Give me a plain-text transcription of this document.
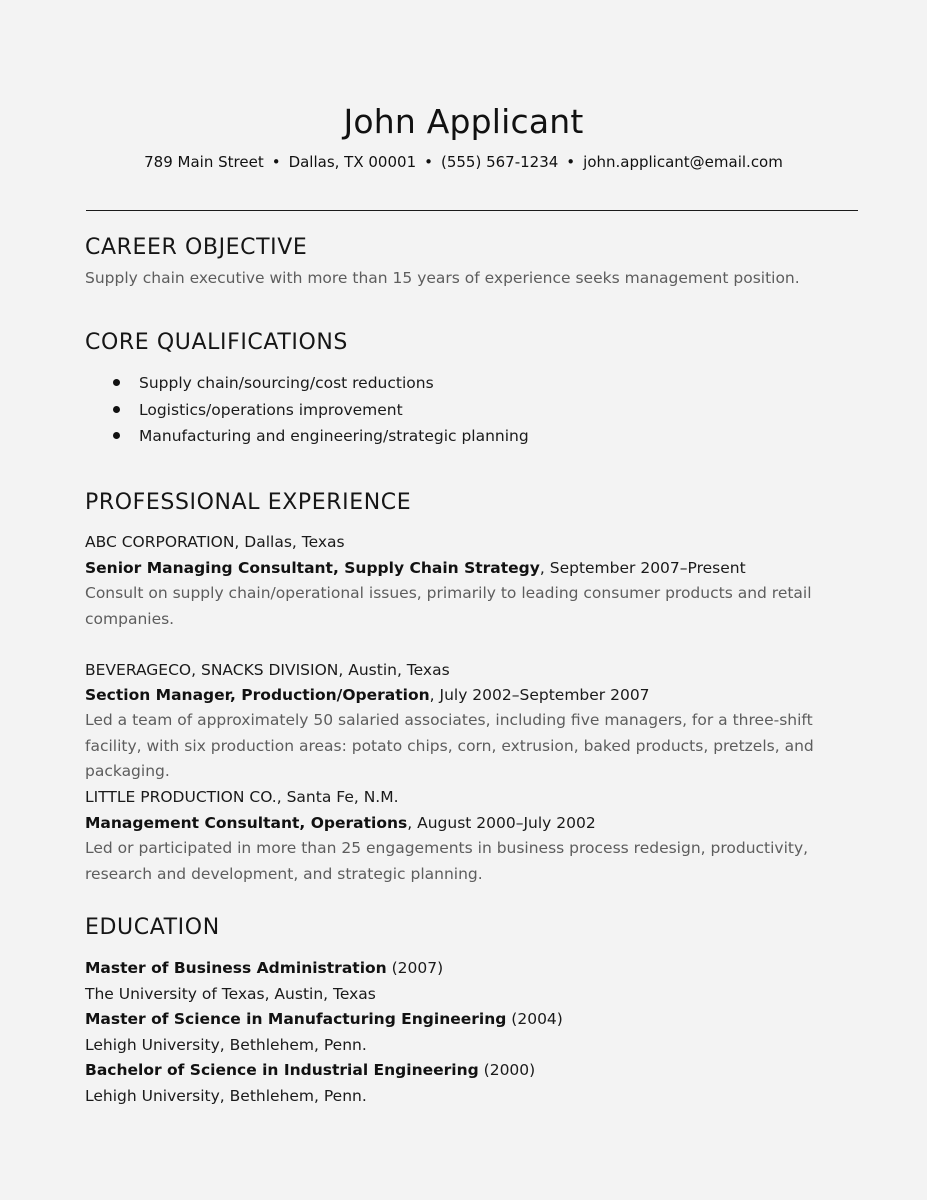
John Applicant
789 Main Street • Dallas, TX 00001 • (555) 567-1234 • john.applicant@email.com
CAREER OBJECTIVE
Supply chain executive with more than 15 years of experience seeks management position.
CORE QUALIFICATIONS
Supply chain/sourcing/cost reductions
Logistics/operations improvement
Manufacturing and engineering/strategic planning
PROFESSIONAL EXPERIENCE
ABC CORPORATION, Dallas, Texas
Senior Managing Consultant, Supply Chain Strategy, September 2007–Present

Consult on supply chain/operational issues, primarily to leading consumer products and retail companies.

BEVERAGECO, SNACKS DIVISION, Austin, Texas
Section Manager, Production/Operation, July 2002–September 2007

Led a team of approximately 50 salaried associates, including five managers, for a three-shift facility, with six production areas: potato chips, corn, extrusion, baked products, pretzels, and packaging.

LITTLE PRODUCTION CO., Santa Fe, N.M.
Management Consultant, Operations, August 2000–July 2002

Led or participated in more than 25 engagements in business process redesign, productivity, research and development, and strategic planning.

EDUCATION
Master of Business Administration (2007)
The University of Texas, Austin, Texas
Master of Science in Manufacturing Engineering (2004)
Lehigh University, Bethlehem, Penn.
Bachelor of Science in Industrial Engineering (2000)
Lehigh University, Bethlehem, Penn.
